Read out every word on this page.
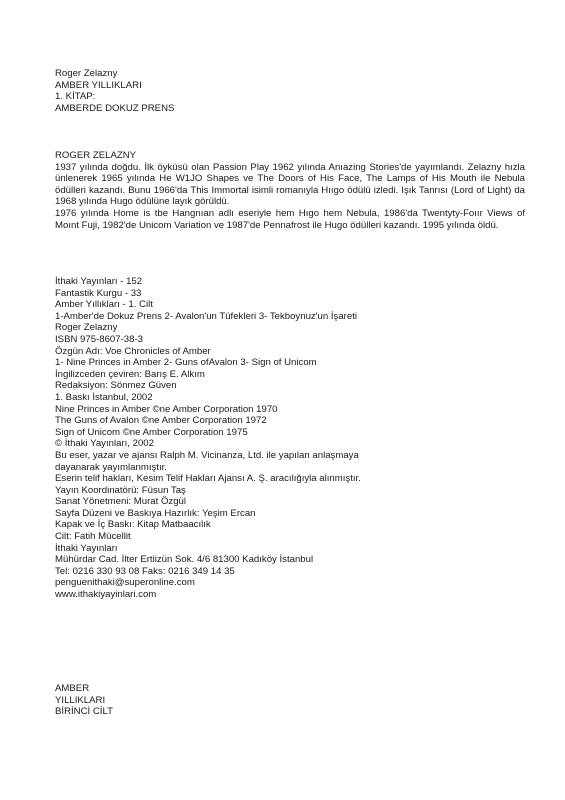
Roger Zelazny
AMBER YILLIKLARI
1. KİTAP:
AMBERDE DOKUZ PRENS
ROGER ZELAZNY
1937 yılında doğdu. İlk öyküsü olan Passion Play 1962 yılında Anıazing Stories'de yayımlandı. Zelazny hızla ünlenerek 1965 yılında He W1JO Shapes ve The Doors of His Face, The Lamps of His Mouth ile Nebula ödülleri kazandı. Bunu 1966'da This Immortal isimli romanıyla Hııgo ödülü izledi. Işık Tanrısı (Lord of Light) da 1968 yılında Hugo ödülüne layık görüldü.
1976 yılında Home is tbe Hangnıan adlı eseriyle hem Hıgo hem Nebula, 1986'da Twentyty-Foıır Views of Moınt Fuji, 1982'de Unicom Variation ve 1987'de Pennafrost ile Hugo ödülleri kazandı. 1995 yılında öldü.
İthaki Yayınları - 152
Fantastik Kurgu - 33
Amber Yıllıkları - 1. Cilt
1-Amber'de Dokuz Prens 2- Avalon'un Tüfekleri 3- Tekboynuz'un İşareti
Roger Zelazny
ISBN 975-8607-38-3
Özgün Adı: Voe Chronicles of Amber
1- Nine Princes in Amber 2- Guns ofAvalon 3- Sign of Unicom
İngilizceden çeviren: Barış E. Alkım
Redaksiyon: Sönmez Güven
1. Baskı İstanbul, 2002
Nine Princes in Amber ©ne Amber Corporation 1970
The Guns of Avalon ©ne Amber Corporation 1972
Sign of Unicom ©ne Amber Corporation 1975
© İthaki Yayınları, 2002
Bu eser, yazar ve ajansı Ralph M. Vicinanza, Ltd. ile yapılan anlaşmaya
dayanarak yayımlanmıştır.
Eserin telif hakları, Kesim Telif Hakları Ajansı A. Ş. aracılığıyla alınmıştır.
Yayın Koordinatörü: Füsun Taş
Sanat Yönetmeni: Murat Özgül
Sayfa Düzeni ve Baskıya Hazırlık: Yeşim Ercan
Kapak ve İç Baskı: Kitap Matbaacılık
Cilt: Fatih Mücellit
İthaki Yayınları
Mühürdar Cad. İlter Ertiizün Sok. 4/6 81300 Kadıköy İstanbul
Tel: 0216 330 93 08 Faks: 0216 349 14 35
penguenithaki@superonline.com
www.ithakiyayinlari.com
AMBER
YILLIKLARI
BİRİNCİ CİLT
